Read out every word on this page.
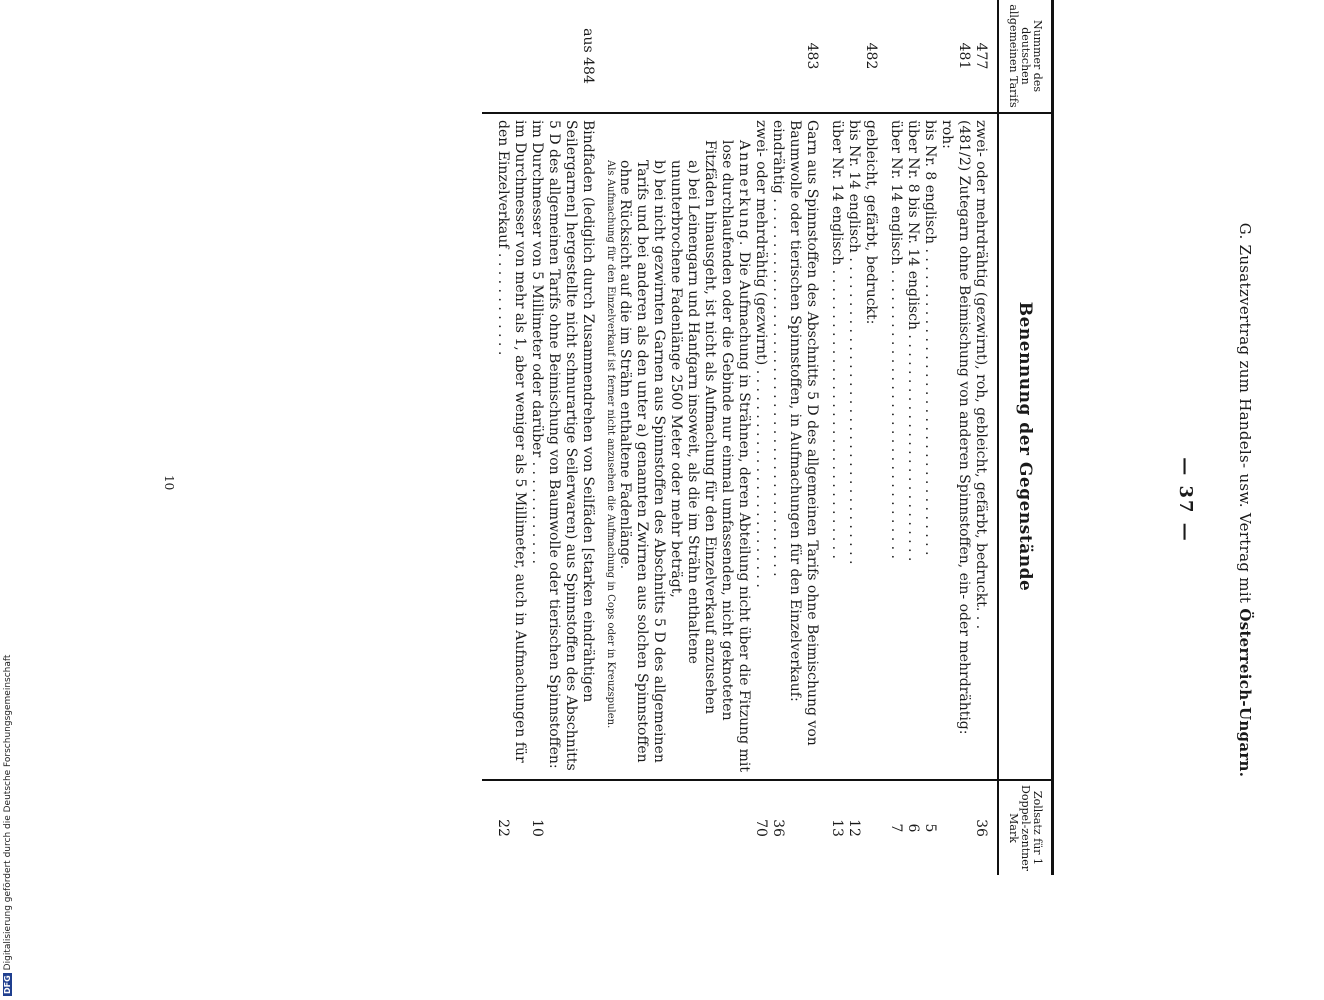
G. Zusatzvertrag zum Handels- usw. Vertrag mit Österreich-Ungarn.
— 37 —
Nummer des deutschen allgemeinen Tarifs	Benennung der Gegenstände	Zollsatz für 1 Doppel-zentner Mark
477	zwei- oder mehrdrähtig (gezwirnt), roh, gebleicht, gefärbt, bedruckt. . .	36
481	(481/2) Zutegarn ohne Beimischung von anderen Spinnstoffen, ein- oder mehrdrähtig:	
	roh:	
	bis Nr. 8 englisch . . . . . . . . . . . . . . . . . . . . . . . . . . . . . . . . . . .	5
	über Nr. 8 bis Nr. 14 englisch . . . . . . . . . . . . . . . . . . . . . . . . . .	6
	über Nr. 14 englisch . . . . . . . . . . . . . . . . . . . . . . . . . . . . . . . . .	7
482	gebleicht, gefärbt, bedruckt:	
	bis Nr. 14 englisch . . . . . . . . . . . . . . . . . . . . . . . . . . . . . . . . . . .	12
	über Nr. 14 englisch . . . . . . . . . . . . . . . . . . . . . . . . . . . . . . . . .	13
483	Garn aus Spinnstoffen des Abschnitts 5 D des allgemeinen Tarifs ohne Beimischung von Baumwolle oder tierischen Spinnstoffen, in Aufmachungen für den Einzelverkauf:	
	eindrähtig . . . . . . . . . . . . . . . . . . . . . . . . . . . . . . . . . . . . . . . . . . .	36
	zwei- oder mehrdrähtig (gezwirnt) . . . . . . . . . . . . . . . . . . . . . . . . .	70

	Anmerkung. Die Aufmachung in Strähnen, deren Abteilung nicht über die Fitzung mit lose durchlaufenden oder die Gebinde nur einmal umfassenden, nicht geknoteten Fitzfäden hinausgeht, ist nicht als Aufmachung für den Einzelverkauf anzusehen
a) bei Leinengarn und Hanfgarn insoweit, als die im Strähn enthaltene ununterbrochene Fadenlänge 2500 Meter oder mehr beträgt,
b) bei nicht gezwirnten Garnen aus Spinnstoffen des Abschnitts 5 D des allgemeinen Tarifs und bei anderen als den unter a) genannten Zwirnen aus solchen Spinnstoffen ohne Rücksicht auf die im Strähn enthaltene Fadenlänge.
Als Aufmachung für den Einzelverkauf ist ferner nicht anzusehen die Aufmachung in Cops oder in Kreuzspulen.	

aus 484	Bindfaden (lediglich durch Zusammendrehen von Seilfäden [starken eindrähtigen Seilergarnen] hergestellte nicht schnurartige Seilerwaren) aus Spinnstoffen des Abschnitts 5 D des allgemeinen Tarifs ohne Beimischung von Baumwolle oder tierischen Spinnstoffen:	
	im Durchmesser von 5 Millimeter oder darüber . . . . . . . . . . . .	10
	im Durchmesser von mehr als 1, aber weniger als 5 Millimeter, auch in Aufmachungen für den Einzelverkauf . . . . . . . . . . . .	22
10
DFGDigitalisierung gefördert durch die Deutsche Forschungsgemeinschaft
